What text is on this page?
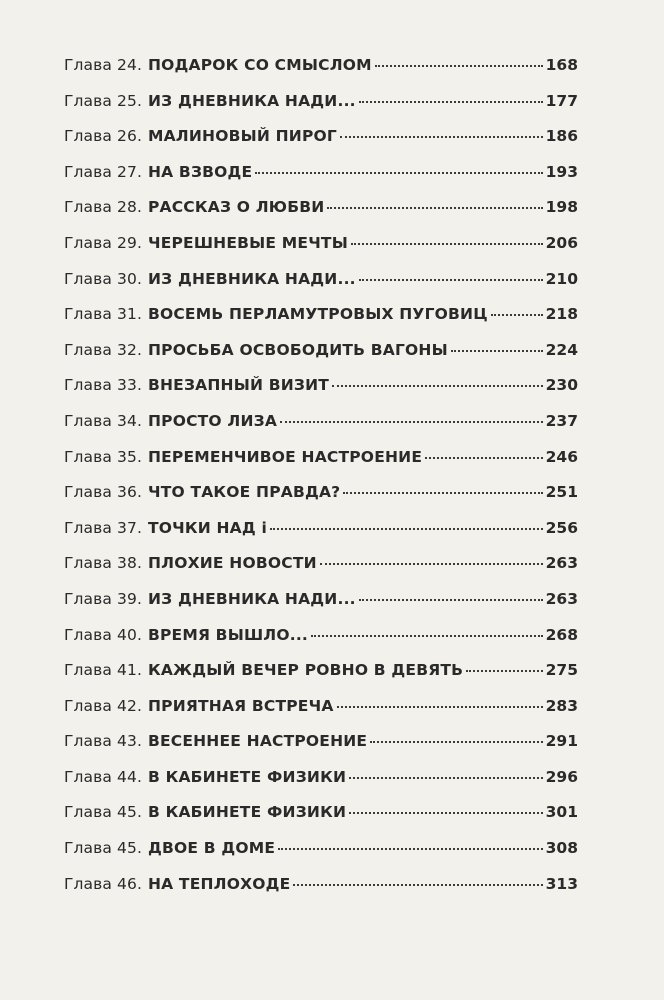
Глава 24. ПОДАРОК СО СМЫСЛОМ	168
Глава 25. ИЗ ДНЕВНИКА НАДИ...	177
Глава 26. МАЛИНОВЫЙ ПИРОГ	186
Глава 27. НА ВЗВОДЕ	193
Глава 28. РАССКАЗ О ЛЮБВИ	198
Глава 29. ЧЕРЕШНЕВЫЕ МЕЧТЫ	206
Глава 30. ИЗ ДНЕВНИКА НАДИ...	210
Глава 31. ВОСЕМЬ ПЕРЛАМУТРОВЫХ ПУГОВИЦ	218
Глава 32. ПРОСЬБА ОСВОБОДИТЬ ВАГОНЫ	224
Глава 33. ВНЕЗАПНЫЙ ВИЗИТ	230
Глава 34. ПРОСТО ЛИЗА	237
Глава 35. ПЕРЕМЕНЧИВОЕ НАСТРОЕНИЕ	246
Глава 36. ЧТО ТАКОЕ ПРАВДА?	251
Глава 37. ТОЧКИ НАД i	256
Глава 38. ПЛОХИЕ НОВОСТИ	263
Глава 39. ИЗ ДНЕВНИКА НАДИ...	263
Глава 40. ВРЕМЯ ВЫШЛО...	268
Глава 41. КАЖДЫЙ ВЕЧЕР РОВНО В ДЕВЯТЬ	275
Глава 42. ПРИЯТНАЯ ВСТРЕЧА	283
Глава 43. ВЕСЕННЕЕ НАСТРОЕНИЕ	291
Глава 44. В КАБИНЕТЕ ФИЗИКИ	296
Глава 45. В КАБИНЕТЕ ФИЗИКИ	301
Глава 45. ДВОЕ В ДОМЕ	308
Глава 46. НА ТЕПЛОХОДЕ	313
